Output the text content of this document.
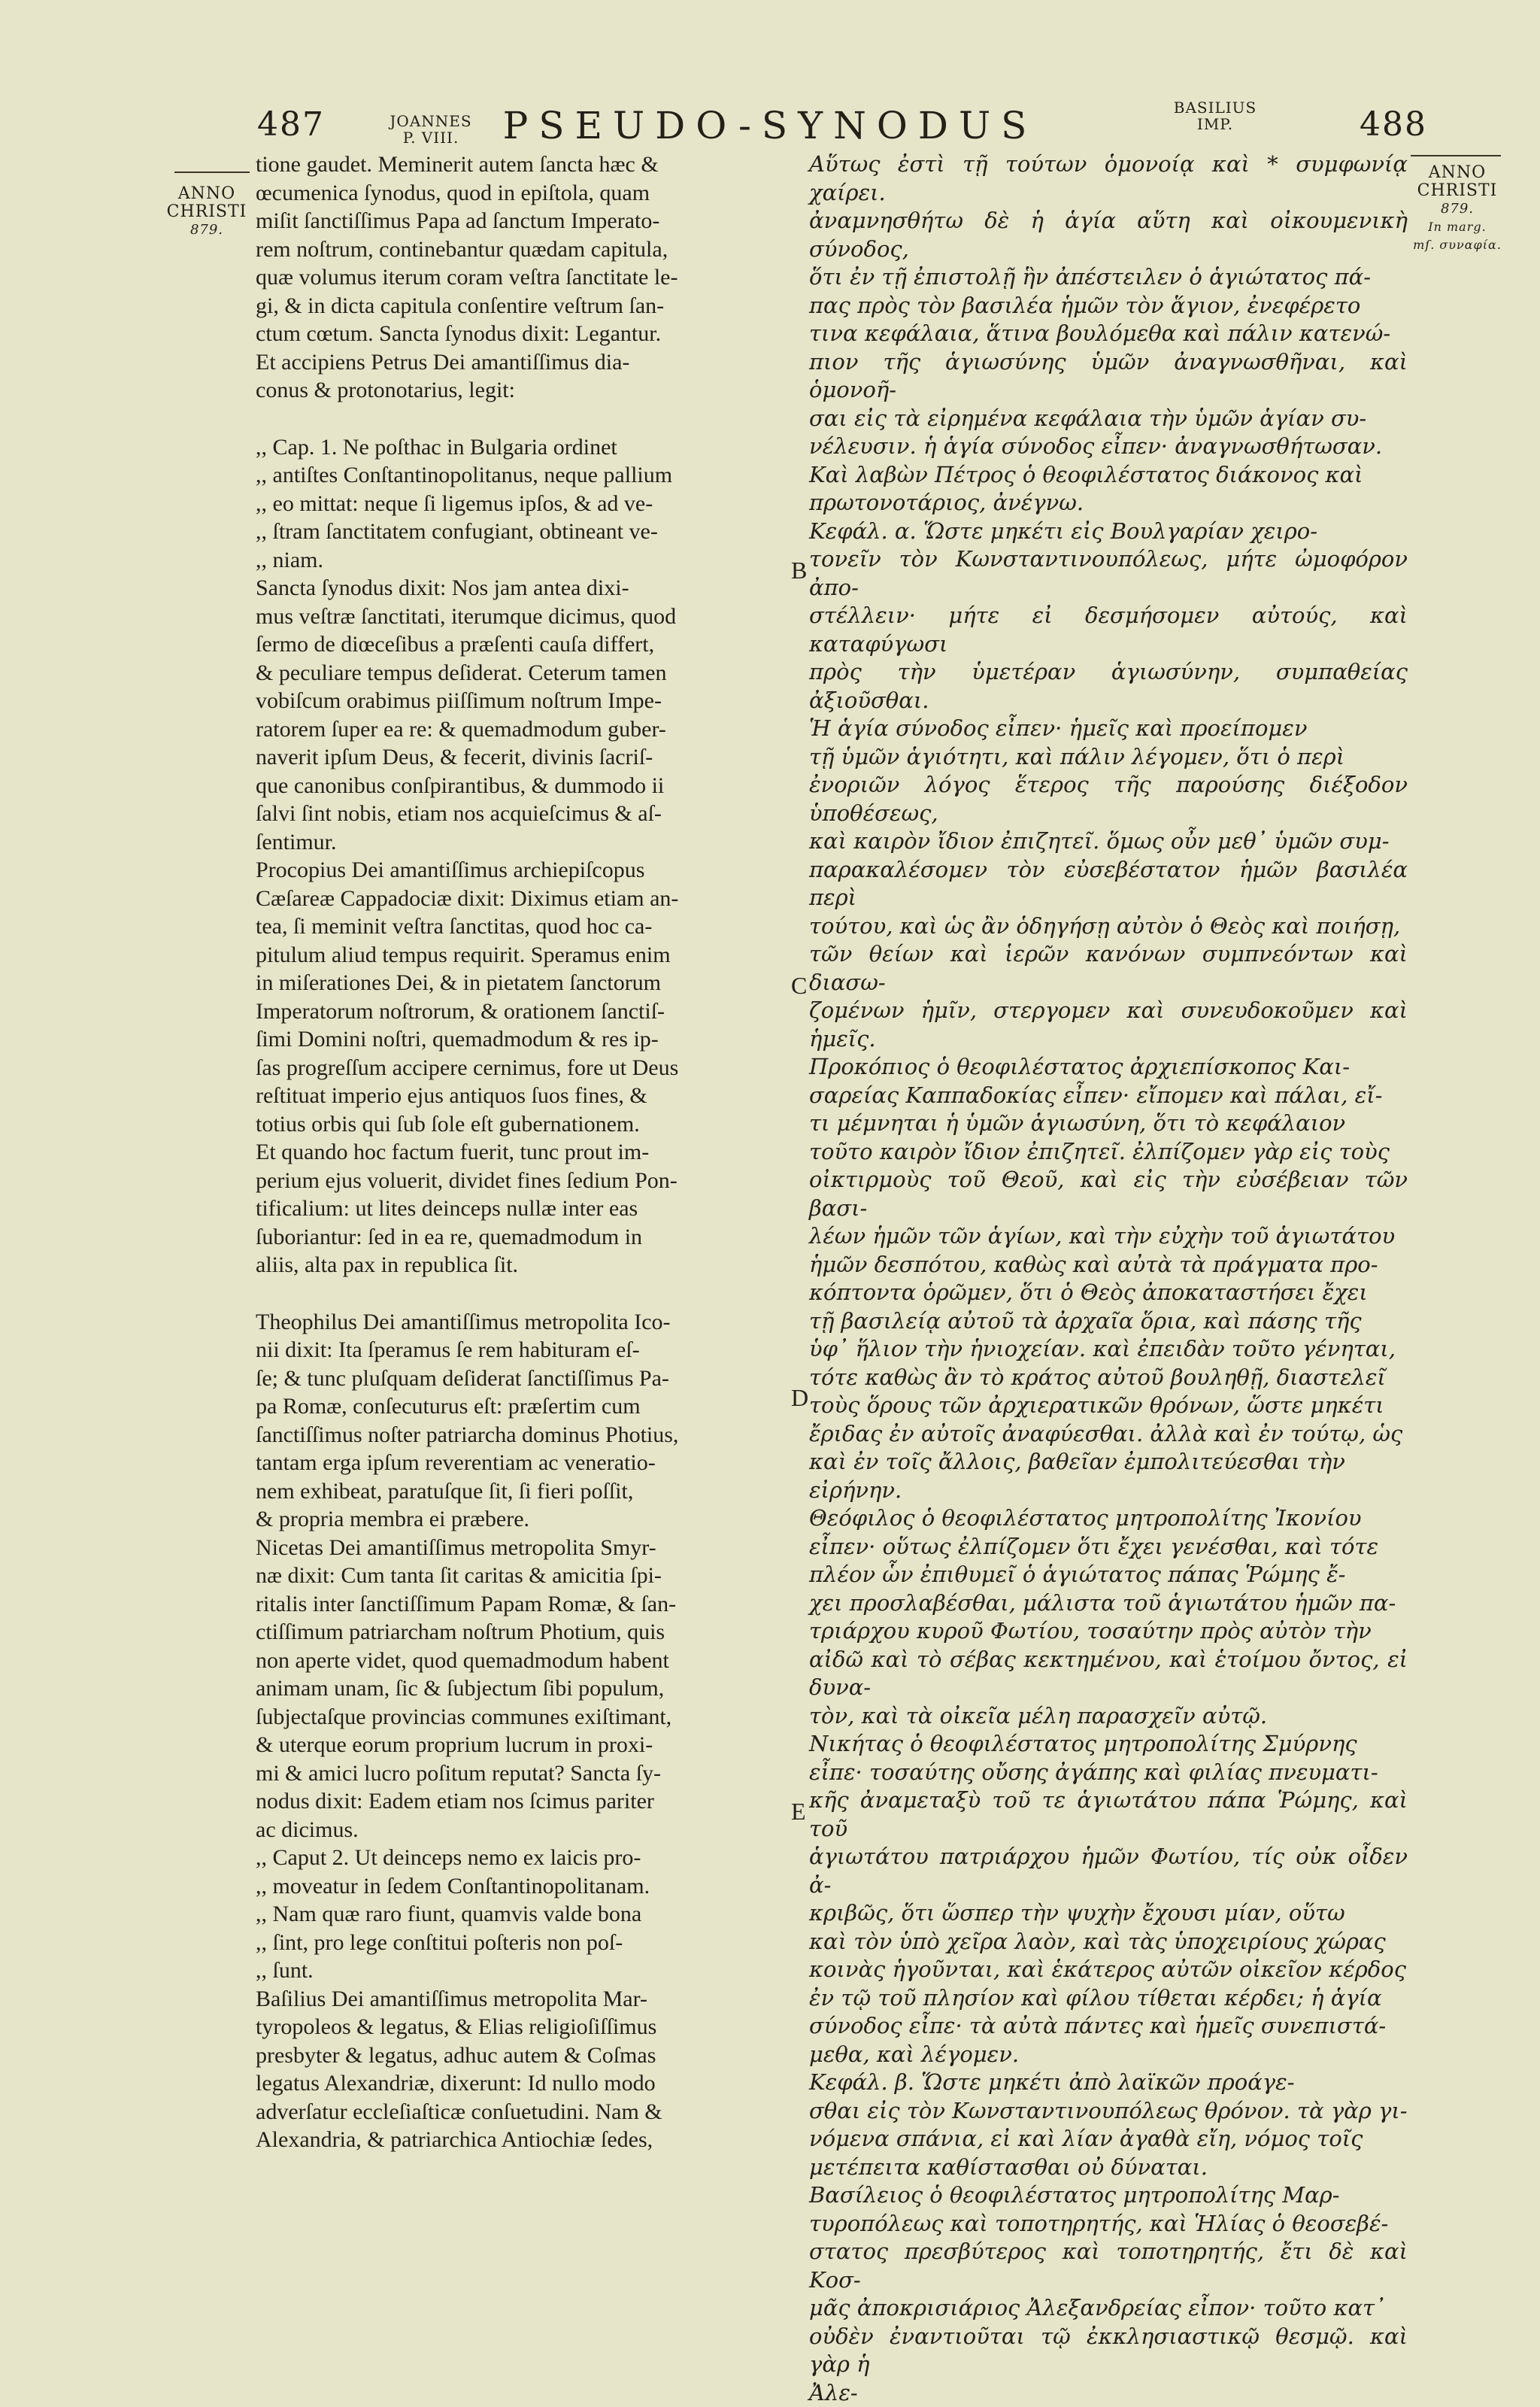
487	JOANNES
P. VIII.	PSEUDO-SYNODUS	BASILIUS
IMP.	488
ANNO
CHRISTI
879.
ANNO
CHRISTI
879.
In marg.
mſ. συναφία.
B
C
D
E

tione gaudet. Meminerit autem ſancta hæc &

œcumenica ſynodus, quod in epiſtola, quam

miſit ſanctiſſimus Papa ad ſanctum Imperato-

rem noſtrum, continebantur quædam capitula,

quæ volumus iterum coram veſtra ſanctitate le-

gi, & in dicta capitula conſentire veſtrum ſan-

ctum cœtum. Sancta ſynodus dixit: Legantur.

Et accipiens Petrus Dei amantiſſimus dia-

conus & protonotarius, legit:

,, Cap. 1. Ne poſthac in Bulgaria ordinet

,, antiſtes Conſtantinopolitanus, neque pallium

,, eo mittat: neque ſi ligemus ipſos, & ad ve-

,, ſtram ſanctitatem confugiant, obtineant ve-

,, niam.

Sancta ſynodus dixit: Nos jam antea dixi-

mus veſtræ ſanctitati, iterumque dicimus, quod

ſermo de diœceſibus a præſenti cauſa differt,

& peculiare tempus deſiderat. Ceterum tamen

vobiſcum orabimus piiſſimum noſtrum Impe-

ratorem ſuper ea re: & quemadmodum guber-

naverit ipſum Deus, & fecerit, divinis ſacriſ-

que canonibus conſpirantibus, & dummodo ii

ſalvi ſint nobis, etiam nos acquieſcimus & aſ-

ſentimur.

Procopius Dei amantiſſimus archiepiſcopus

Cæſareæ Cappadociæ dixit: Diximus etiam an-

tea, ſi meminit veſtra ſanctitas, quod hoc ca-

pitulum aliud tempus requirit. Speramus enim

in miſerationes Dei, & in pietatem ſanctorum

Imperatorum noſtrorum, & orationem ſanctiſ-

ſimi Domini noſtri, quemadmodum & res ip-

ſas progreſſum accipere cernimus, fore ut Deus

reſtituat imperio ejus antiquos ſuos fines, &

totius orbis qui ſub ſole eſt gubernationem.

Et quando hoc factum fuerit, tunc prout im-

perium ejus voluerit, dividet fines ſedium Pon-

tificalium: ut lites deinceps nullæ inter eas

ſuboriantur: ſed in ea re, quemadmodum in

aliis, alta pax in republica ſit.

Theophilus Dei amantiſſimus metropolita Ico-

nii dixit: Ita ſperamus ſe rem habituram eſ-

ſe; & tunc pluſquam deſiderat ſanctiſſimus Pa-

pa Romæ, conſecuturus eſt: præſertim cum

ſanctiſſimus noſter patriarcha dominus Photius,

tantam erga ipſum reverentiam ac veneratio-

nem exhibeat, paratuſque ſit, ſi fieri poſſit,

& propria membra ei præbere.

Nicetas Dei amantiſſimus metropolita Smyr-

næ dixit: Cum tanta ſit caritas & amicitia ſpi-

ritalis inter ſanctiſſimum Papam Romæ, & ſan-

ctiſſimum patriarcham noſtrum Photium, quis

non aperte videt, quod quemadmodum habent

animam unam, ſic & ſubjectum ſibi populum,

ſubjectaſque provincias communes exiſtimant,

& uterque eorum proprium lucrum in proxi-

mi & amici lucro poſitum reputat? Sancta ſy-

nodus dixit: Eadem etiam nos ſcimus pariter

ac dicimus.

,, Caput 2. Ut deinceps nemo ex laicis pro-

,, moveatur in ſedem Conſtantinopolitanam.

,, Nam quæ raro fiunt, quamvis valde bona

,, ſint, pro lege conſtitui poſteris non poſ-

,, ſunt.

Baſilius Dei amantiſſimus metropolita Mar-

tyropoleos & legatus, & Elias religioſiſſimus

presbyter & legatus, adhuc autem & Coſmas

legatus Alexandriæ, dixerunt: Id nullo modo

adverſatur eccleſiaſticæ conſuetudini. Nam &

Alexandria, & patriarchica Antiochiæ ſedes,

Αὕτως ἐστὶ τῇ τούτων ὁμονοίᾳ καὶ * συμφωνίᾳ χαίρει.

ἀναμνησθήτω δὲ ἡ ἁγία αὕτη καὶ οἰκουμενικὴ σύνοδος,

ὅτι ἐν τῇ ἐπιστολῇ ἣν ἀπέστειλεν ὁ ἁγιώτατος πά-

πας πρὸς τὸν βασιλέα ἡμῶν τὸν ἅγιον, ἐνεφέρετο

τινα κεφάλαια, ἅτινα βουλόμεθα καὶ πάλιν κατενώ-

πιον τῆς ἁγιωσύνης ὑμῶν ἀναγνωσθῆναι, καὶ ὁμονοῆ-

σαι εἰς τὰ εἰρημένα κεφάλαια τὴν ὑμῶν ἁγίαν συ-

νέλευσιν. ἡ ἁγία σύνοδος εἶπεν· ἀναγνωσθήτωσαν.

Καὶ λαβὼν Πέτρος ὁ θεοφιλέστατος διάκονος καὶ

πρωτονοτάριος, ἀνέγνω.

Κεφάλ. α. Ὥστε μηκέτι εἰς Βουλγαρίαν χειρο-

τονεῖν τὸν Κωνσταντινουπόλεως, μήτε ὠμοφόρον ἀπο-

στέλλειν· μήτε εἰ δεσμήσομεν αὐτούς, καὶ καταφύγωσι

πρὸς τὴν ὑμετέραν ἁγιωσύνην, συμπαθείας ἀξιοῦσθαι.

Ἡ ἁγία σύνοδος εἶπεν· ἡμεῖς καὶ προείπομεν

τῇ ὑμῶν ἁγιότητι, καὶ πάλιν λέγομεν, ὅτι ὁ περὶ

ἐνοριῶν λόγος ἕτερος τῆς παρούσης διέξοδον ὑποθέσεως,

καὶ καιρὸν ἴδιον ἐπιζητεῖ. ὅμως οὖν μεθ᾽ ὑμῶν συμ-

παρακαλέσομεν τὸν εὐσεβέστατον ἡμῶν βασιλέα περὶ

τούτου, καὶ ὡς ἂν ὁδηγήσῃ αὐτὸν ὁ Θεὸς καὶ ποιήσῃ,

τῶν θείων καὶ ἱερῶν κανόνων συμπνεόντων καὶ διασω-

ζομένων ἡμῖν, στεργομεν καὶ συνευδοκοῦμεν καὶ ἡμεῖς.

Προκόπιος ὁ θεοφιλέστατος ἀρχιεπίσκοπος Και-

σαρείας Καππαδοκίας εἶπεν· εἴπομεν καὶ πάλαι, εἴ-

τι μέμνηται ἡ ὑμῶν ἁγιωσύνη, ὅτι τὸ κεφάλαιον

τοῦτο καιρὸν ἴδιον ἐπιζητεῖ. ἐλπίζομεν γὰρ εἰς τοὺς

οἰκτιρμοὺς τοῦ Θεοῦ, καὶ εἰς τὴν εὐσέβειαν τῶν βασι-

λέων ἡμῶν τῶν ἁγίων, καὶ τὴν εὐχὴν τοῦ ἁγιωτάτου

ἡμῶν δεσπότου, καθὼς καὶ αὐτὰ τὰ πράγματα προ-

κόπτοντα ὁρῶμεν, ὅτι ὁ Θεὸς ἀποκαταστήσει ἔχει

τῇ βασιλείᾳ αὐτοῦ τὰ ἀρχαῖα ὅρια, καὶ πάσης τῆς

ὑφ᾽ ἥλιον τὴν ἡνιοχείαν. καὶ ἐπειδὰν τοῦτο γένηται,

τότε καθὼς ἂν τὸ κράτος αὐτοῦ βουληθῇ, διαστελεῖ

τοὺς ὅρους τῶν ἀρχιερατικῶν θρόνων, ὥστε μηκέτι

ἔριδας ἐν αὐτοῖς ἀναφύεσθαι. ἀλλὰ καὶ ἐν τούτῳ, ὡς

καὶ ἐν τοῖς ἄλλοις, βαθεῖαν ἐμπολιτεύεσθαι τὴν

εἰρήνην.

Θεόφιλος ὁ θεοφιλέστατος μητροπολίτης Ἰκονίου

εἶπεν· οὕτως ἐλπίζομεν ὅτι ἔχει γενέσθαι, καὶ τότε

πλέον ὧν ἐπιθυμεῖ ὁ ἁγιώτατος πάπας Ῥώμης ἔ-

χει προσλαβέσθαι, μάλιστα τοῦ ἁγιωτάτου ἡμῶν πα-

τριάρχου κυροῦ Φωτίου, τοσαύτην πρὸς αὐτὸν τὴν

αἰδῶ καὶ τὸ σέβας κεκτημένου, καὶ ἑτοίμου ὄντος, εἰ δυνα-

τὸν, καὶ τὰ οἰκεῖα μέλη παρασχεῖν αὐτῷ.

Νικήτας ὁ θεοφιλέστατος μητροπολίτης Σμύρνης

εἶπε· τοσαύτης οὔσης ἀγάπης καὶ φιλίας πνευματι-

κῆς ἀναμεταξὺ τοῦ τε ἁγιωτάτου πάπα Ῥώμης, καὶ τοῦ

ἁγιωτάτου πατριάρχου ἡμῶν Φωτίου, τίς οὐκ οἶδεν ἀ-

κριβῶς, ὅτι ὥσπερ τὴν ψυχὴν ἔχουσι μίαν, οὕτω

καὶ τὸν ὑπὸ χεῖρα λαὸν, καὶ τὰς ὑποχειρίους χώρας

κοινὰς ἡγοῦνται, καὶ ἑκάτερος αὐτῶν οἰκεῖον κέρδος

ἐν τῷ τοῦ πλησίον καὶ φίλου τίθεται κέρδει; ἡ ἁγία

σύνοδος εἶπε· τὰ αὐτὰ πάντες καὶ ἡμεῖς συνεπιστά-

μεθα, καὶ λέγομεν.

Κεφάλ. β. Ὥστε μηκέτι ἀπὸ λαϊκῶν προάγε-

σθαι εἰς τὸν Κωνσταντινουπόλεως θρόνον. τὰ γὰρ γι-

νόμενα σπάνια, εἰ καὶ λίαν ἀγαθὰ εἴη, νόμος τοῖς

μετέπειτα καθίστασθαι οὐ δύναται.

Βασίλειος ὁ θεοφιλέστατος μητροπολίτης Μαρ-

τυροπόλεως καὶ τοποτηρητής, καὶ Ἡλίας ὁ θεοσεβέ-

στατος πρεσβύτερος καὶ τοποτηρητής, ἔτι δὲ καὶ Κοσ-

μᾶς ἀποκρισιάριος Ἀλεξανδρείας εἶπον· τοῦτο κατ᾽

οὐδὲν ἐναντιοῦται τῷ ἐκκλησιαστικῷ θεσμῷ. καὶ γὰρ ἡ

Ἀλε-
